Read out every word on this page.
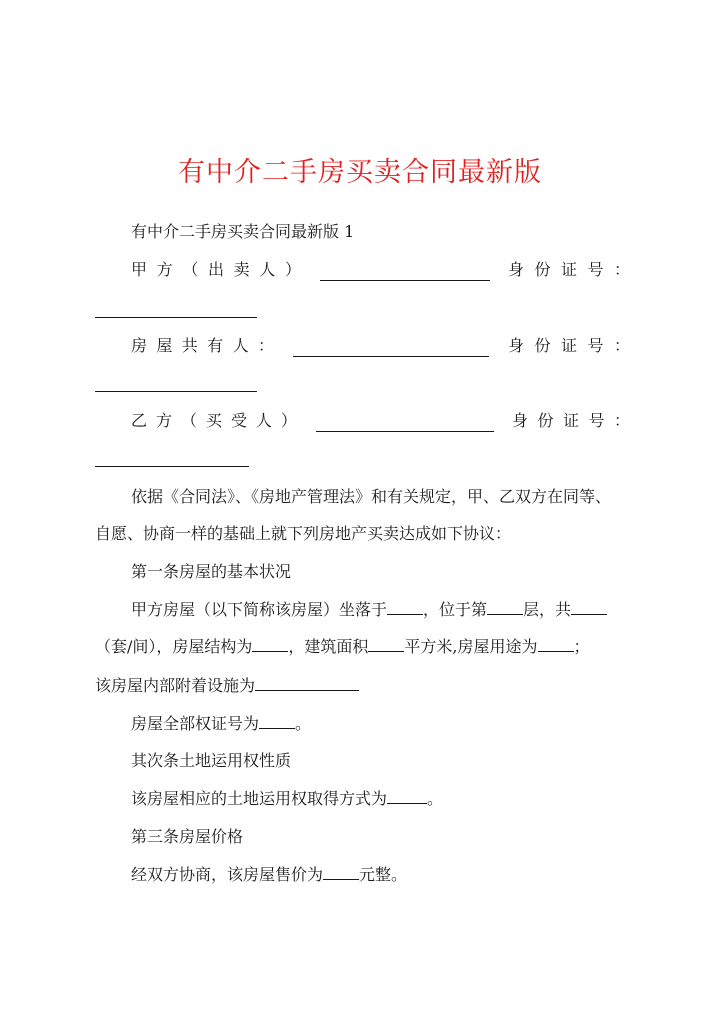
有中介二手房买卖合同最新版
有中介二手房买卖合同最新版 1
甲 方 （ 出 卖 人 ）	身 份 证 号 ：
房 屋 共 有 人 ：	身 份 证 号 ：
乙 方 （ 买 受 人 ）	身 份 证 号 ：
依据《合同法》、《房地产管理法》和有关规定，甲、乙双方在同等、
自愿、协商一样的基础上就下列房地产买卖达成如下协议：
第一条房屋的基本状况
甲方房屋（以下简称该房屋）坐落于 ，位于第 层，共
（套/间），房屋结构为 ，建筑面积 平方米,房屋用途为 ；
该房屋内部附着设施为
房屋全部权证号为 。
其次条土地运用权性质
该房屋相应的土地运用权取得方式为	。
第三条房屋价格
经双方协商，该房屋售价为 元整。
